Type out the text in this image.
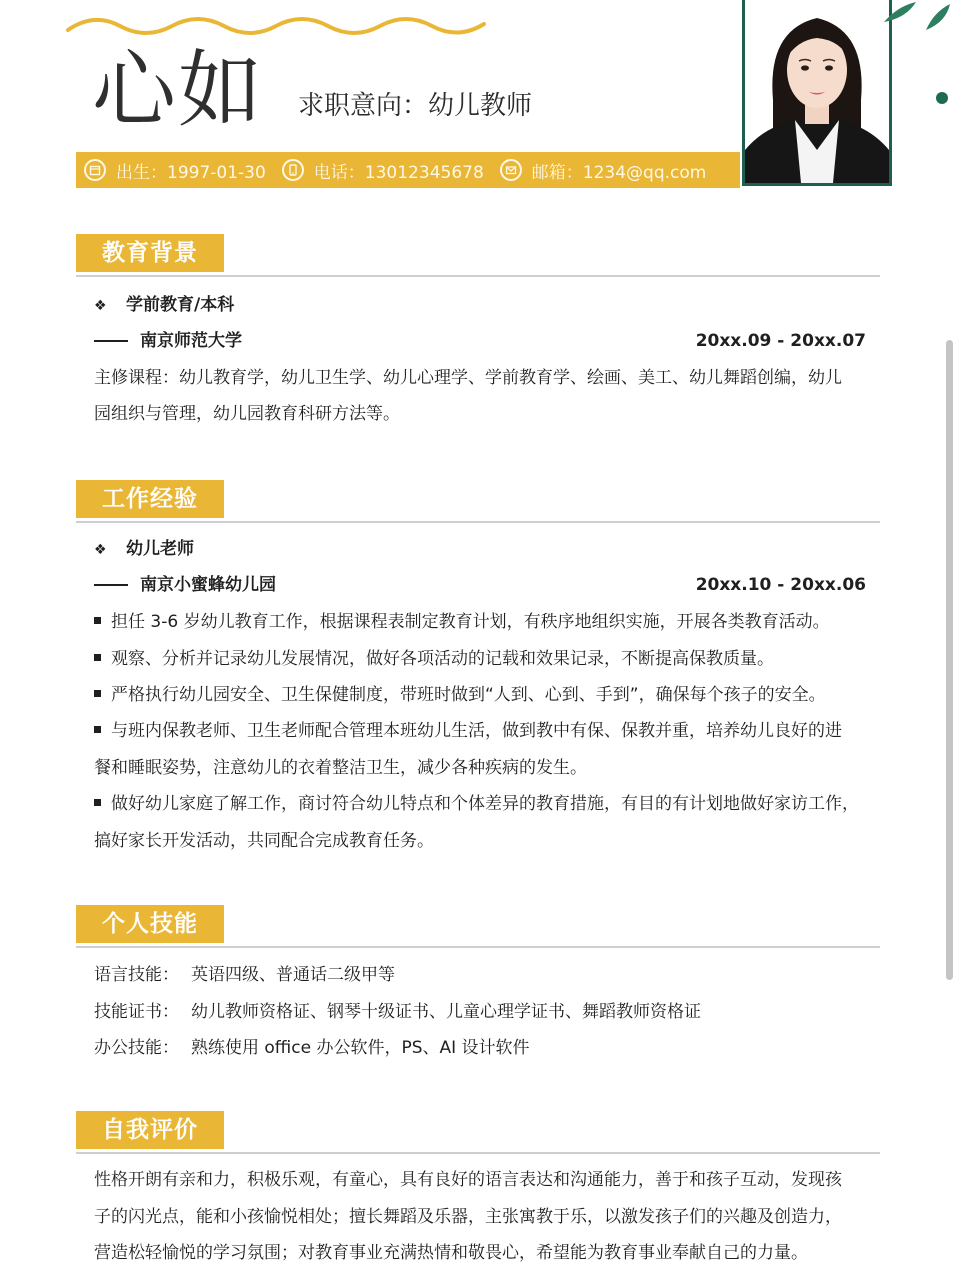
心如 求职意向：幼儿教师
出生：1997-01-30	电话：13012345678	邮箱：1234@qq.com
教育背景
❖ 学前教育/本科
南京师范大学	20xx.09 - 20xx.07
主修课程：幼儿教育学，幼儿卫生学、幼儿心理学、学前教育学、绘画、美工、幼儿舞蹈创编，幼儿
园组织与管理，幼儿园教育科研方法等。
工作经验
❖ 幼儿老师
南京小蜜蜂幼儿园	20xx.10 - 20xx.06
担任 3-6 岁幼儿教育工作，根据课程表制定教育计划，有秩序地组织实施，开展各类教育活动。
观察、分析并记录幼儿发展情况，做好各项活动的记载和效果记录，不断提高保教质量。
严格执行幼儿园安全、卫生保健制度，带班时做到“人到、心到、手到”，确保每个孩子的安全。
与班内保教老师、卫生老师配合管理本班幼儿生活，做到教中有保、保教并重，培养幼儿良好的进
餐和睡眠姿势，注意幼儿的衣着整洁卫生，减少各种疾病的发生。
做好幼儿家庭了解工作，商讨符合幼儿特点和个体差异的教育措施，有目的有计划地做好家访工作，
搞好家长开发活动，共同配合完成教育任务。
个人技能
语言技能： 英语四级、普通话二级甲等
技能证书： 幼儿教师资格证、钢琴十级证书、儿童心理学证书、舞蹈教师资格证
办公技能： 熟练使用 office 办公软件，PS、AI 设计软件
自我评价
性格开朗有亲和力，积极乐观，有童心，具有良好的语言表达和沟通能力，善于和孩子互动，发现孩
子的闪光点，能和小孩愉悦相处；擅长舞蹈及乐器，主张寓教于乐，以激发孩子们的兴趣及创造力，
营造松轻愉悦的学习氛围；对教育事业充满热情和敬畏心，希望能为教育事业奉献自己的力量。
